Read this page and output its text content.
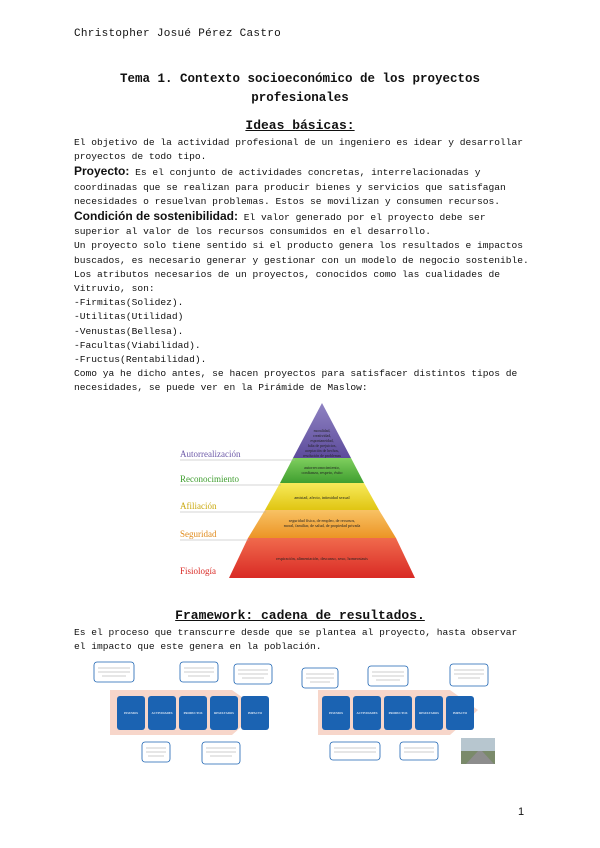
Christopher Josué Pérez Castro
Tema 1. Contexto socioeconómico de los proyectos profesionales
Ideas básicas:

El objetivo de la actividad profesional de un ingeniero es idear y desarrollar proyectos de todo tipo.

Proyecto: Es el conjunto de actividades concretas, interrelacionadas y coordinadas que se realizan para producir bienes y servicios que satisfagan necesidades o resuelvan problemas. Estos se movilizan y consumen recursos.

Condición de sostenibilidad: El valor generado por el proyecto debe ser superior al valor de los recursos consumidos en el desarrollo.

Un proyecto solo tiene sentido si el producto genera los resultados e impactos buscados, es necesario generar y gestionar con un modelo de negocio sostenible.

Los atributos necesarios de un proyectos, conocidos como las cualidades de Vitruvio, son:

-Firmitas(Solidez).

-Utilitas(Utilidad)

-Venustas(Bellesa).

-Facultas(Viabilidad).

-Fructus(Rentabilidad).

Como ya he dicho antes, se hacen proyectos para satisfacer distintos tipos de necesidades, se puede ver en la Pirámide de Maslow:

Autorrealización
Reconocimiento
Afiliación
Seguridad
Fisiología
moralidad,
creatividad,
espontaneidad,
falta de prejuicios,
aceptación de hechos,
resolución de problemas
autorreconocimiento, confianza, respeto, éxito
amistad, afecto, intimidad sexual
seguridad física, de empleo, de recursos, moral, familiar, de salud, de propiedad privada
respiración, alimentación, descanso, sexo, homeostasis
Framework: cadena de resultados.
Es el proceso que transcurre desde que se plantea al proyecto, hasta observar el impacto que este genera en la población.
INSUMOS	ACTIVIDADES	PRODUCTOS	RESULTADOS	IMPACTO	INSUMOS	ACTIVIDADES	PRODUCTOS	RESULTADOS	IMPACTO
1
